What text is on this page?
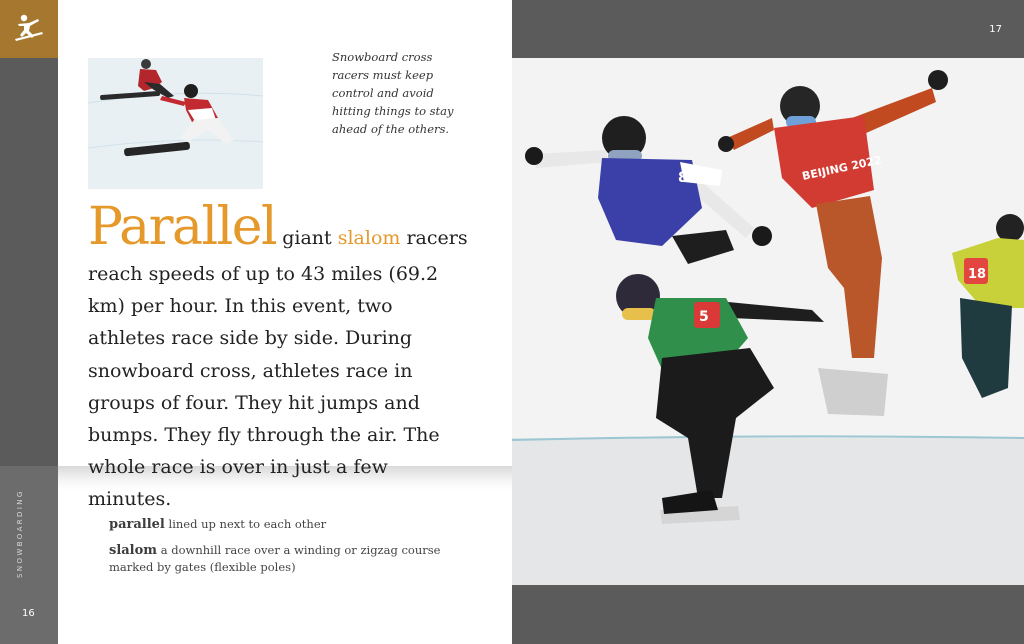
SNOWBOARDING
16
Snowboard cross
racers must keep
control and avoid
hitting things to stay
ahead of the others.
Parallel giant slalom racers reach speeds of up to 43 miles (69.2 km) per hour. In this event, two athletes race side by side. During snowboard cross, athletes race in groups of four. They hit jumps and bumps. They fly through the air. The whole race is over in just a few minutes.
parallel lined up next to each other
slalom a downhill race over a winding or zigzag course marked by gates (flexible poles)
17
18
BEIJING 2022
8
5
